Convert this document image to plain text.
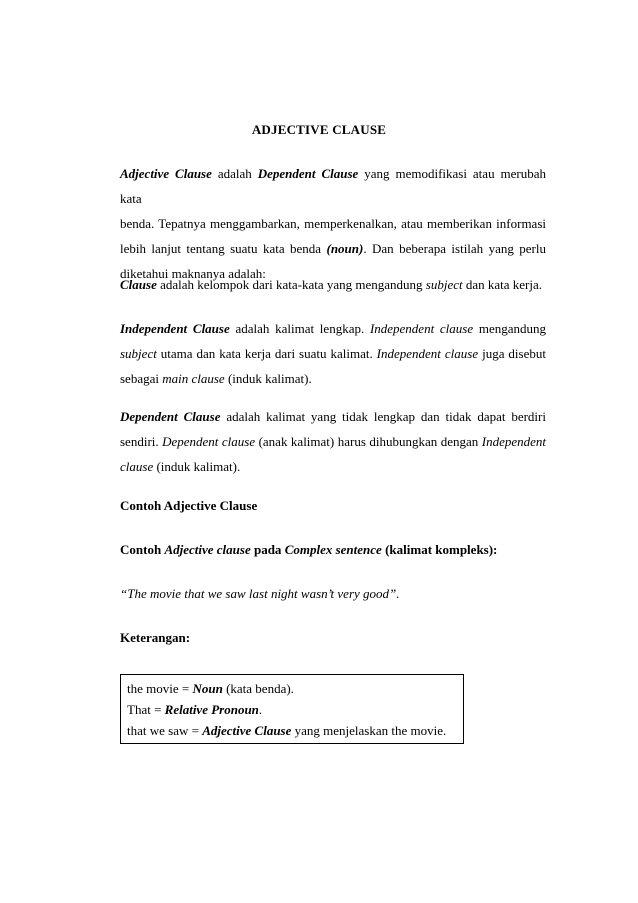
ADJECTIVE CLAUSE
Adjective Clause adalah Dependent Clause yang memodifikasi atau merubah kata
benda. Tepatnya menggambarkan, memperkenalkan, atau memberikan informasi
lebih lanjut tentang suatu kata benda (noun). Dan beberapa istilah yang perlu
diketahui maknanya adalah:
Clause adalah kelompok dari kata-kata yang mengandung subject dan kata kerja.
Independent Clause adalah kalimat lengkap. Independent clause mengandung
subject utama dan kata kerja dari suatu kalimat. Independent clause juga disebut
sebagai main clause (induk kalimat).
Dependent Clause adalah kalimat yang tidak lengkap dan tidak dapat berdiri
sendiri. Dependent clause (anak kalimat) harus dihubungkan dengan Independent
clause (induk kalimat).
Contoh Adjective Clause
Contoh Adjective clause pada Complex sentence (kalimat kompleks):
“The movie that we saw last night wasn’t very good”.
Keterangan:
the movie = Noun (kata benda).
That = Relative Pronoun.
that we saw = Adjective Clause yang menjelaskan the movie.
